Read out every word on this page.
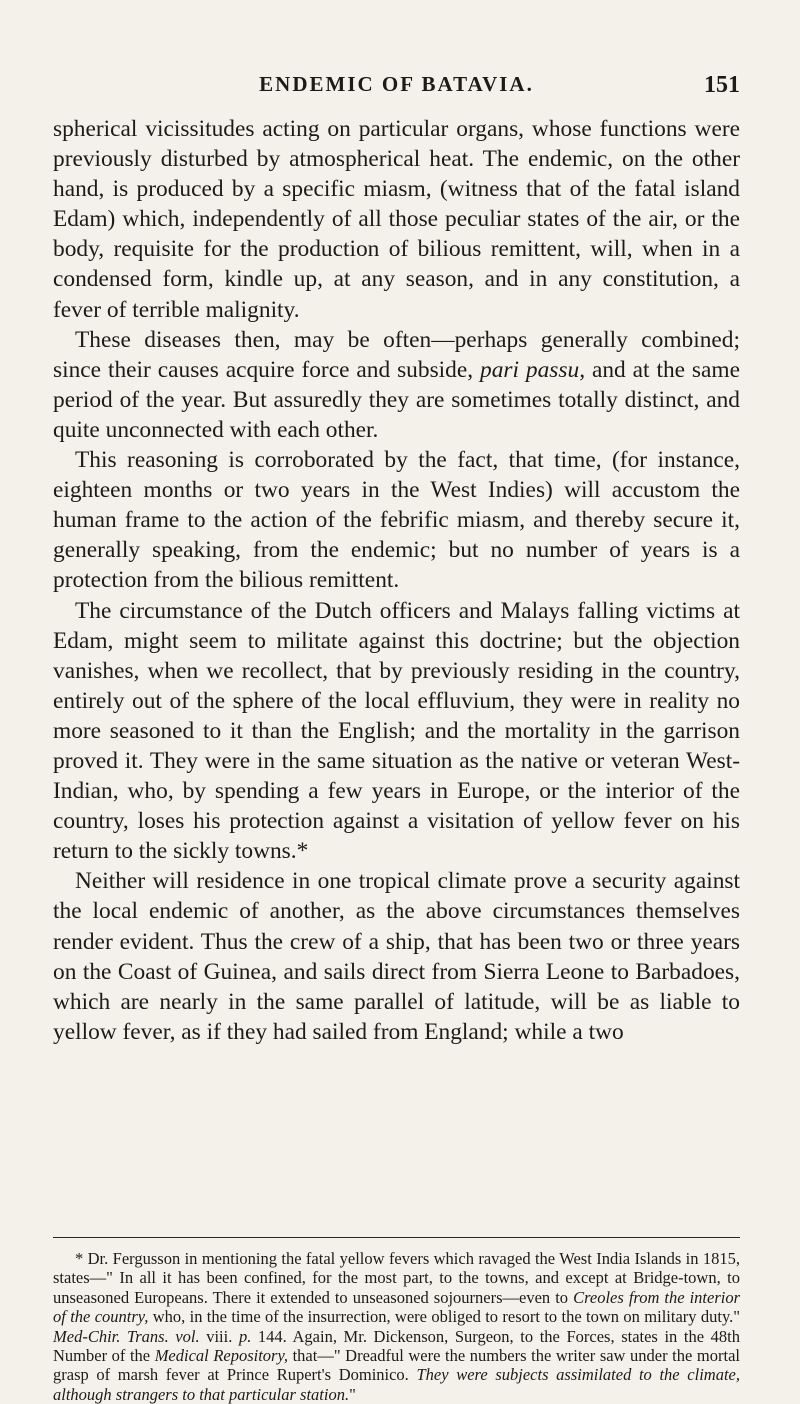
ENDEMIC OF BATAVIA.	151

spherical vicissitudes acting on particular organs, whose functions were previously disturbed by atmospherical heat. The endemic, on the other hand, is produced by a specific miasm, (witness that of the fatal island Edam) which, independently of all those peculiar states of the air, or the body, requisite for the production of bilious remittent, will, when in a condensed form, kindle up, at any season, and in any constitution, a fever of terrible malignity.

These diseases then, may be often—perhaps generally combined; since their causes acquire force and subside, pari passu, and at the same period of the year. But assuredly they are sometimes totally distinct, and quite unconnected with each other.

This reasoning is corroborated by the fact, that time, (for instance, eighteen months or two years in the West Indies) will accustom the human frame to the action of the febrific miasm, and thereby secure it, generally speaking, from the endemic; but no number of years is a protection from the bilious remittent.

The circumstance of the Dutch officers and Malays falling victims at Edam, might seem to militate against this doctrine; but the objection vanishes, when we recollect, that by previously residing in the country, entirely out of the sphere of the local effluvium, they were in reality no more seasoned to it than the English; and the mortality in the garrison proved it. They were in the same situation as the native or veteran West-Indian, who, by spending a few years in Europe, or the interior of the country, loses his protection against a visitation of yellow fever on his return to the sickly towns.*

Neither will residence in one tropical climate prove a security against the local endemic of another, as the above circumstances themselves render evident. Thus the crew of a ship, that has been two or three years on the Coast of Guinea, and sails direct from Sierra Leone to Barbadoes, which are nearly in the same parallel of latitude, will be as liable to yellow fever, as if they had sailed from England; while a two

* Dr. Fergusson in mentioning the fatal yellow fevers which ravaged the West India Islands in 1815, states—" In all it has been confined, for the most part, to the towns, and except at Bridge-town, to unseasoned Europeans. There it extended to unseasoned sojourners—even to Creoles from the interior of the country, who, in the time of the insurrection, were obliged to resort to the town on military duty." Med-Chir. Trans. vol. viii. p. 144. Again, Mr. Dickenson, Surgeon, to the Forces, states in the 48th Number of the Medical Repository, that—" Dreadful were the numbers the writer saw under the mortal grasp of marsh fever at Prince Rupert's Dominico. They were subjects assimilated to the climate, although strangers to that particular station."
